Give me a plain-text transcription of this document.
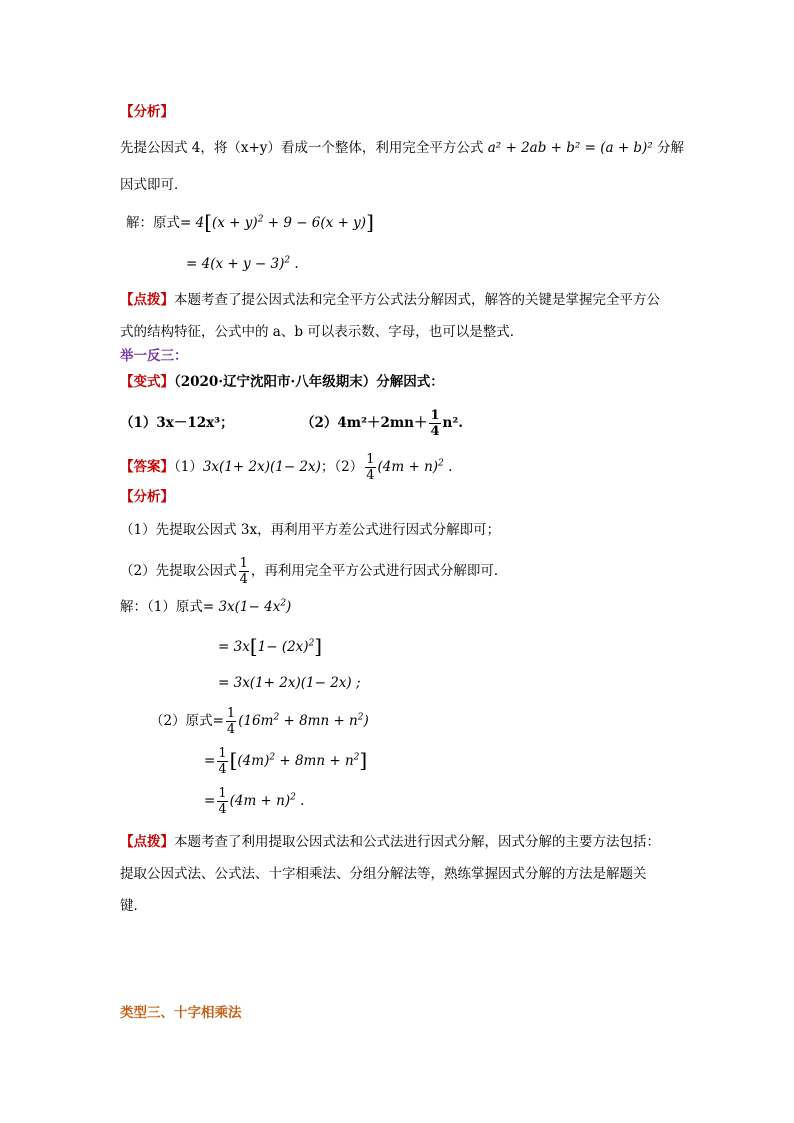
【分析】
先提公因式 4，将（x+y）看成一个整体，利用完全平方公式 a² + 2ab + b² = (a + b)² 分解
因式即可．
解：原式= $4[(x + y)^2 + 9 - 6(x + y)]$
= $4(x + y - 3)^2$ .
【点拨】本题考查了提公因式法和完全平方公式法分解因式，解答的关键是掌握完全平方公
式的结构特征，公式中的 a、b 可以表示数、字母，也可以是整式．
举一反三：
【变式】（2020·辽宁沈阳市·八年级期末）分解因式：
（1）3x－12x³；	$(2)4m^2+2mn+ \frac{1}{4} n^2$.
【答案】（1）3x(1+ 2x)(1− 2x)；$(2) \frac{1}{4} (4m + n)^2$ .
【分析】
（1）先提取公因式 3x，再利用平方差公式进行因式分解即可；
（2）先提取公因式 $\frac{1}{4}$ ，再利用完全平方公式进行因式分解即可．
解：（1）原式= $3x(1- 4x^2)$
= $3x[1- (2x)^2]$
= 3x(1+ 2x)(1− 2x) ;
（2）原式= $\frac{1}{4} (16m^2 + 8mn + n^2)$
= $\frac{1}{4} [(4m)^2 + 8mn + n^2]$
= $\frac{1}{4} (4m + n)^2$ .
【点拨】本题考查了利用提取公因式法和公式法进行因式分解，因式分解的主要方法包括：
提取公因式法、公式法、十字相乘法、分组分解法等，熟练掌握因式分解的方法是解题关
键．
类型三、十字相乘法
